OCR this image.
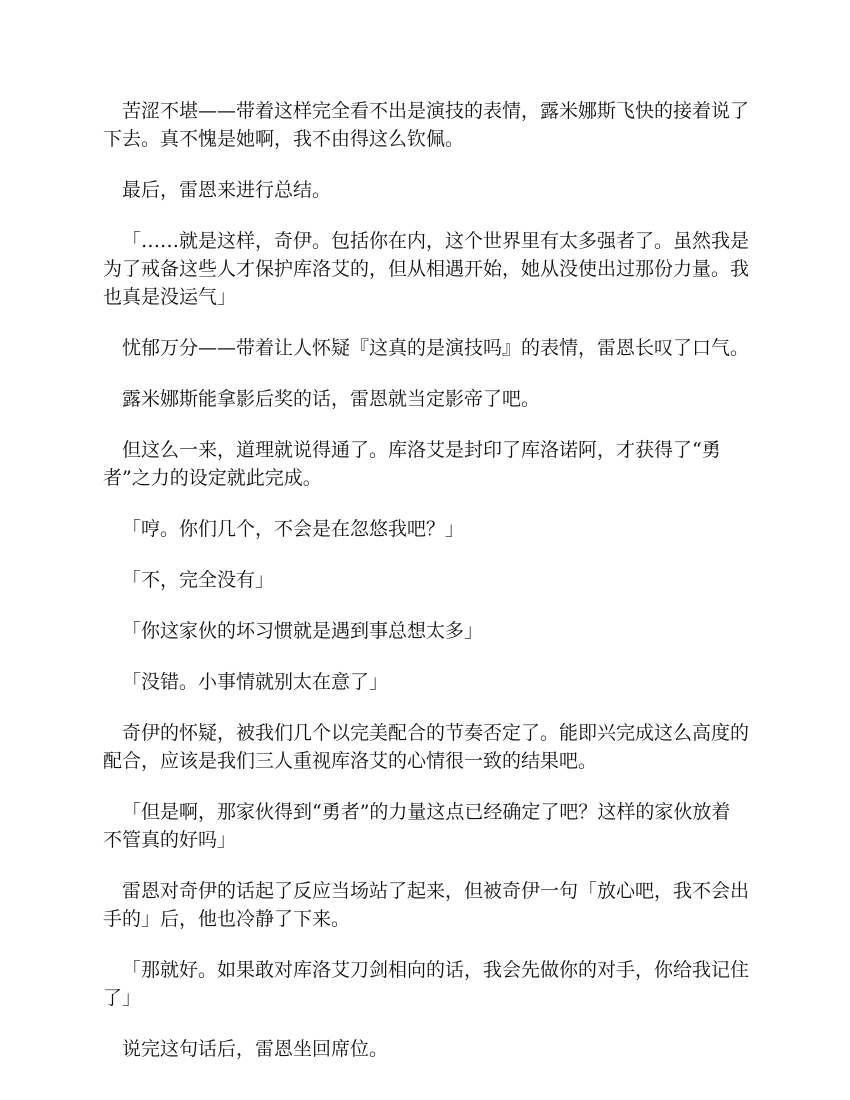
苦涩不堪——带着这样完全看不出是演技的表情，露米娜斯飞快的接着说了下去。真不愧是她啊，我不由得这么钦佩。

最后，雷恩来进行总结。

「……就是这样，奇伊。包括你在内，这个世界里有太多强者了。虽然我是为了戒备这些人才保护库洛艾的，但从相遇开始，她从没使出过那份力量。我也真是没运气」

忧郁万分——带着让人怀疑『这真的是演技吗』的表情，雷恩长叹了口气。

露米娜斯能拿影后奖的话，雷恩就当定影帝了吧。

但这么一来，道理就说得通了。库洛艾是封印了库洛诺阿，才获得了“勇者”之力的设定就此完成。

「哼。你们几个，不会是在忽悠我吧？」

「不，完全没有」

「你这家伙的坏习惯就是遇到事总想太多」

「没错。小事情就别太在意了」

奇伊的怀疑，被我们几个以完美配合的节奏否定了。能即兴完成这么高度的配合，应该是我们三人重视库洛艾的心情很一致的结果吧。

「但是啊，那家伙得到“勇者”的力量这点已经确定了吧？这样的家伙放着不管真的好吗」

雷恩对奇伊的话起了反应当场站了起来，但被奇伊一句「放心吧，我不会出手的」后，他也冷静了下来。

「那就好。如果敢对库洛艾刀剑相向的话，我会先做你的对手，你给我记住了」

说完这句话后，雷恩坐回席位。
